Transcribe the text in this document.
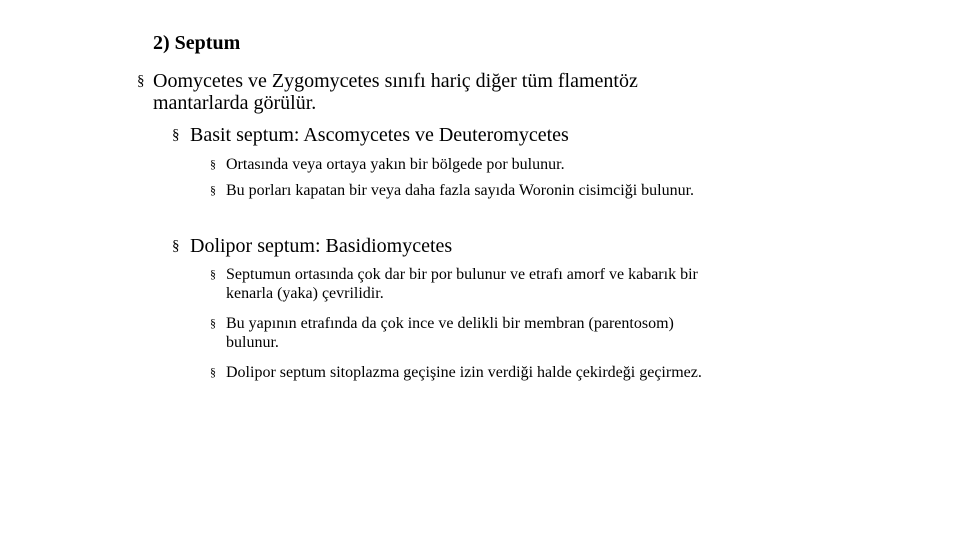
2) Septum
§ Oomycetes ve Zygomycetes sınıfı hariç diğer tüm flamentöz
mantarlarda görülür.
§ Basit septum: Ascomycetes ve Deuteromycetes
§ Ortasında veya ortaya yakın bir bölgede por bulunur.
§ Bu porları kapatan bir veya daha fazla sayıda Woronin cisimciği bulunur.
§ Dolipor septum: Basidiomycetes
§ Septumun ortasında çok dar bir por bulunur ve etrafı amorf ve kabarık bir
kenarla (yaka) çevrilidir.
§ Bu yapının etrafında da çok ince ve delikli bir membran (parentosom)
bulunur.
§ Dolipor septum sitoplazma geçişine izin verdiği halde çekirdeği geçirmez.
